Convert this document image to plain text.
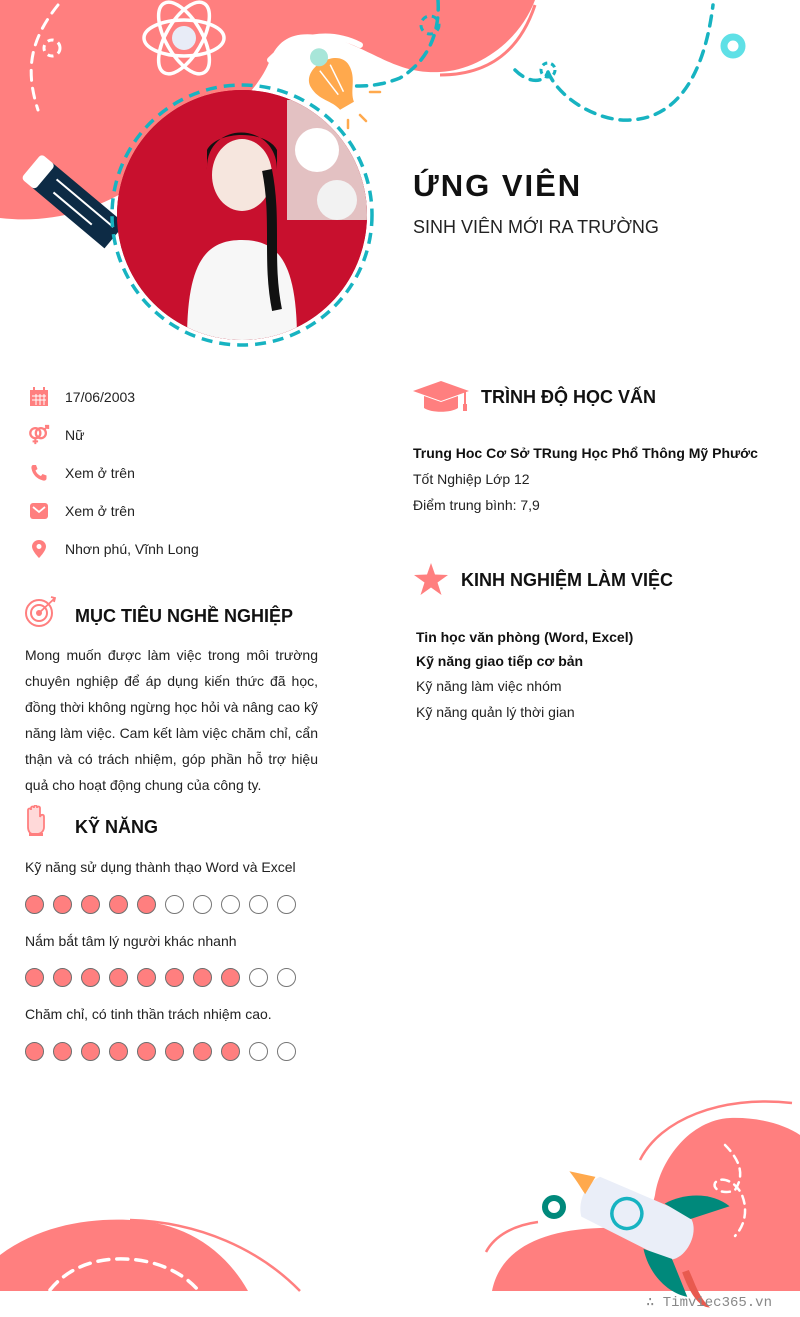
ỨNG VIÊN
SINH VIÊN MỚI RA TRƯỜNG
17/06/2003
Nữ
Xem ở trên
Xem ở trên
Nhơn phú, Vĩnh Long
MỤC TIÊU NGHỀ NGHIỆP
Mong muốn được làm việc trong môi trường chuyên nghiệp để áp dụng kiến thức đã học, đồng thời không ngừng học hỏi và nâng cao kỹ năng làm việc. Cam kết làm việc chăm chỉ, cẩn thận và có trách nhiệm, góp phần hỗ trợ hiệu quả cho hoạt động chung của công ty.
KỸ NĂNG
Kỹ năng sử dụng thành thạo Word và Excel
Nắm bắt tâm lý người khác nhanh
Chăm chỉ, có tinh thần trách nhiệm cao.
TRÌNH ĐỘ HỌC VẤN
Trung Hoc Cơ Sở TRung Học Phổ Thông Mỹ Phước
Tốt Nghiệp Lớp 12
Điểm trung bình: 7,9
KINH NGHIỆM LÀM VIỆC
Tin học văn phòng (Word, Excel)
Kỹ năng giao tiếp cơ bản
Kỹ năng làm việc nhóm
Kỹ năng quản lý thời gian
∴ Timviec365.vn
